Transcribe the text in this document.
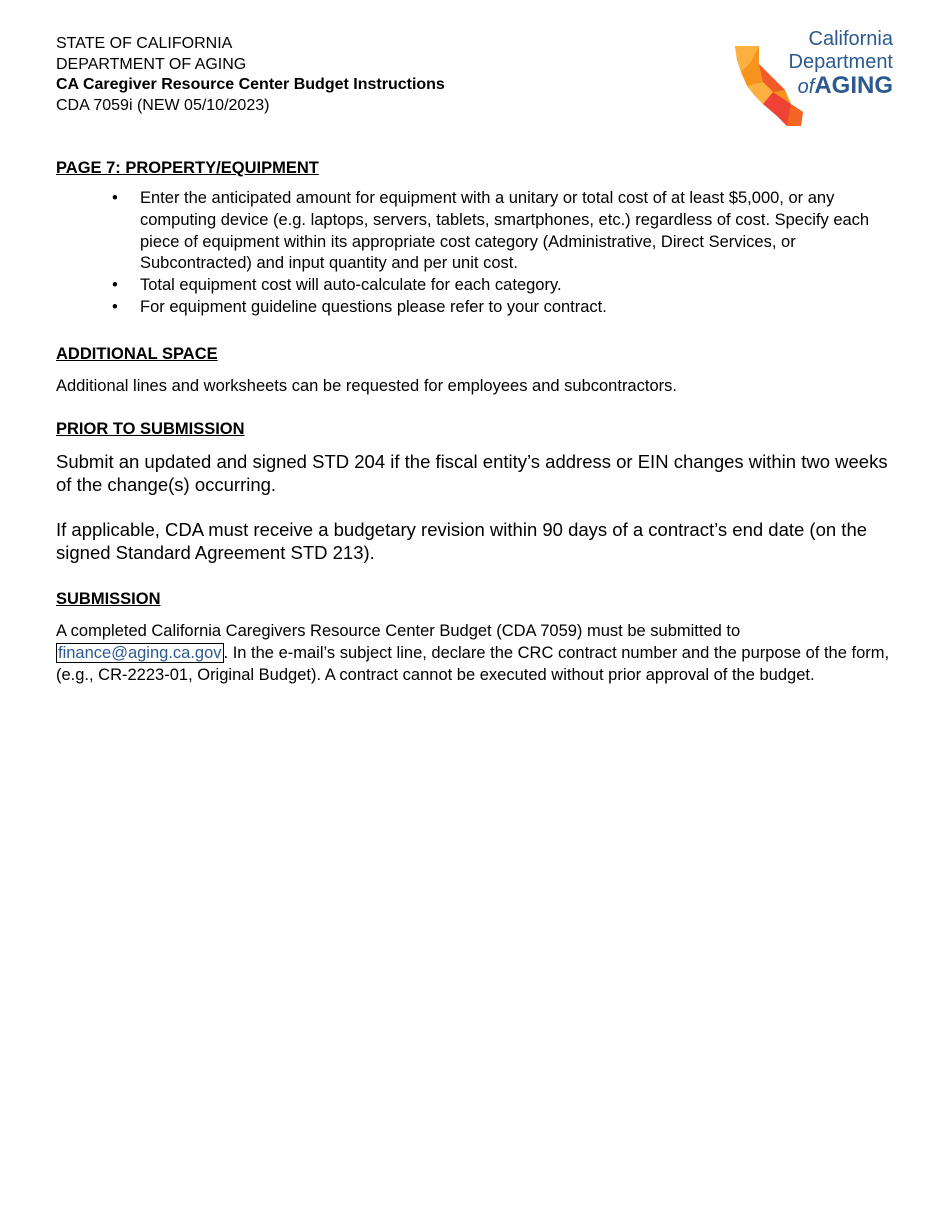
STATE OF CALIFORNIA
DEPARTMENT OF AGING
CA Caregiver Resource Center Budget Instructions
CDA 7059i (NEW 05/10/2023)
California
Department
ofAGING
PAGE 7: PROPERTY/EQUIPMENT
• Enter the anticipated amount for equipment with a unitary or total cost of at least $5,000, or any computing device (e.g. laptops, servers, tablets, smartphones, etc.) regardless of cost. Specify each piece of equipment within its appropriate cost category (Administrative, Direct Services, or Subcontracted) and input quantity and per unit cost.
• Total equipment cost will auto-calculate for each category.
• For equipment guideline questions please refer to your contract.
ADDITIONAL SPACE

Additional lines and worksheets can be requested for employees and subcontractors.

PRIOR TO SUBMISSION

Submit an updated and signed STD 204 if the fiscal entity’s address or EIN changes within two weeks of the change(s) occurring.

If applicable, CDA must receive a budgetary revision within 90 days of a contract’s end date (on the signed Standard Agreement STD 213).

SUBMISSION

A completed California Caregivers Resource Center Budget (CDA 7059) must be submitted to finance@aging.ca.gov . In the e-mail’s subject line, declare the CRC contract number and the purpose of the form, (e.g., CR-2223-01, Original Budget). A contract cannot be executed without prior approval of the budget.
